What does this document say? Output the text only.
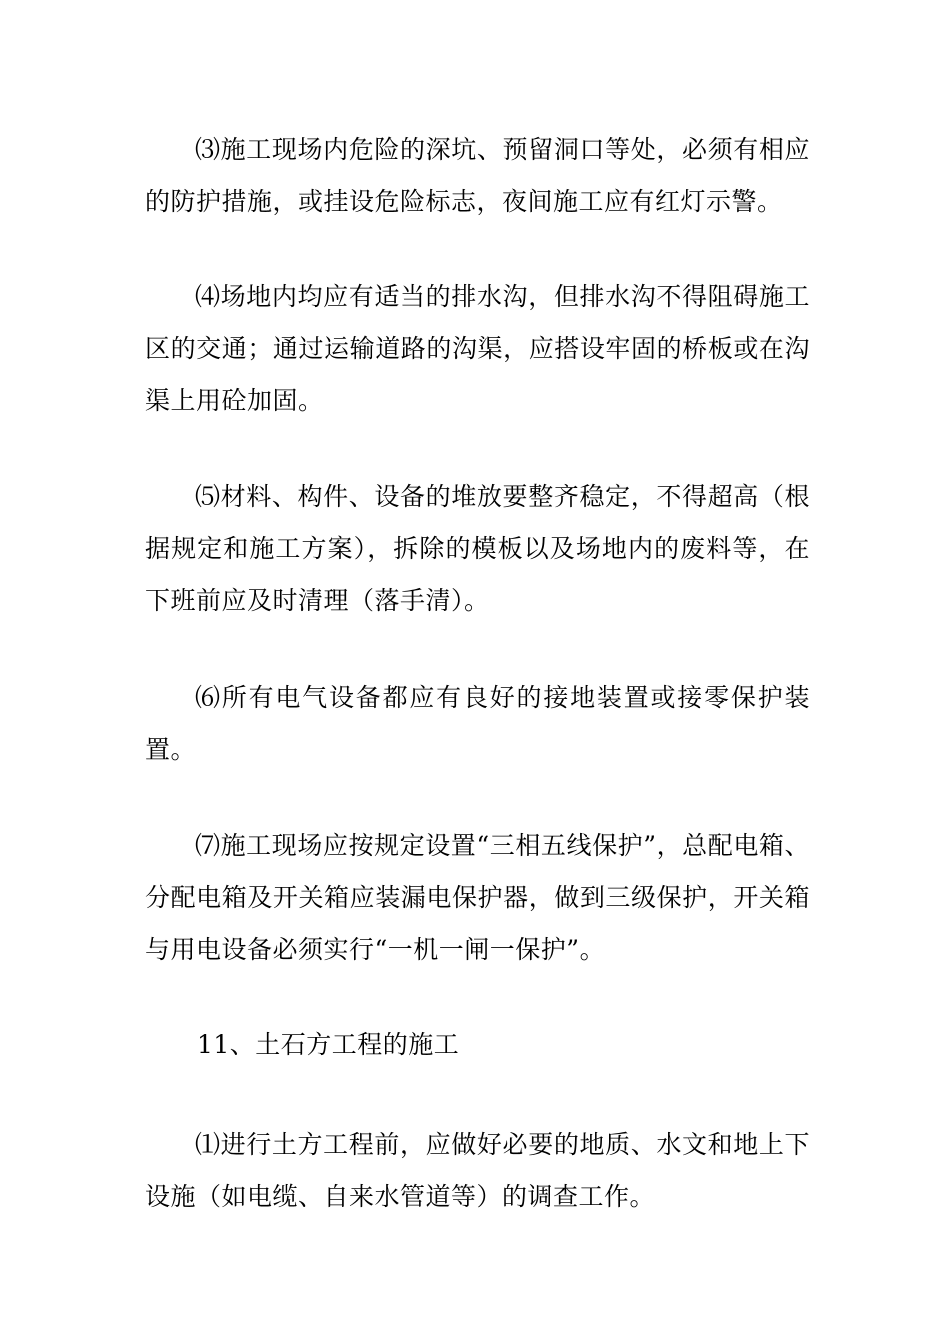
⑶施工现场内危险的深坑、预留洞口等处，必须有相应的防护措施，或挂设危险标志，夜间施工应有红灯示警。

⑷场地内均应有适当的排水沟，但排水沟不得阻碍施工区的交通；通过运输道路的沟渠，应搭设牢固的桥板或在沟渠上用砼加固。

⑸材料、构件、设备的堆放要整齐稳定，不得超高（根据规定和施工方案），拆除的模板以及场地内的废料等，在下班前应及时清理（落手清）。

⑹所有电气设备都应有良好的接地装置或接零保护装置。

⑺施工现场应按规定设置“三相五线保护”，总配电箱、分配电箱及开关箱应装漏电保护器，做到三级保护，开关箱与用电设备必须实行“一机一闸一保护”。

11、土石方工程的施工

⑴进行土方工程前，应做好必要的地质、水文和地上下设施（如电缆、自来水管道等）的调查工作。
